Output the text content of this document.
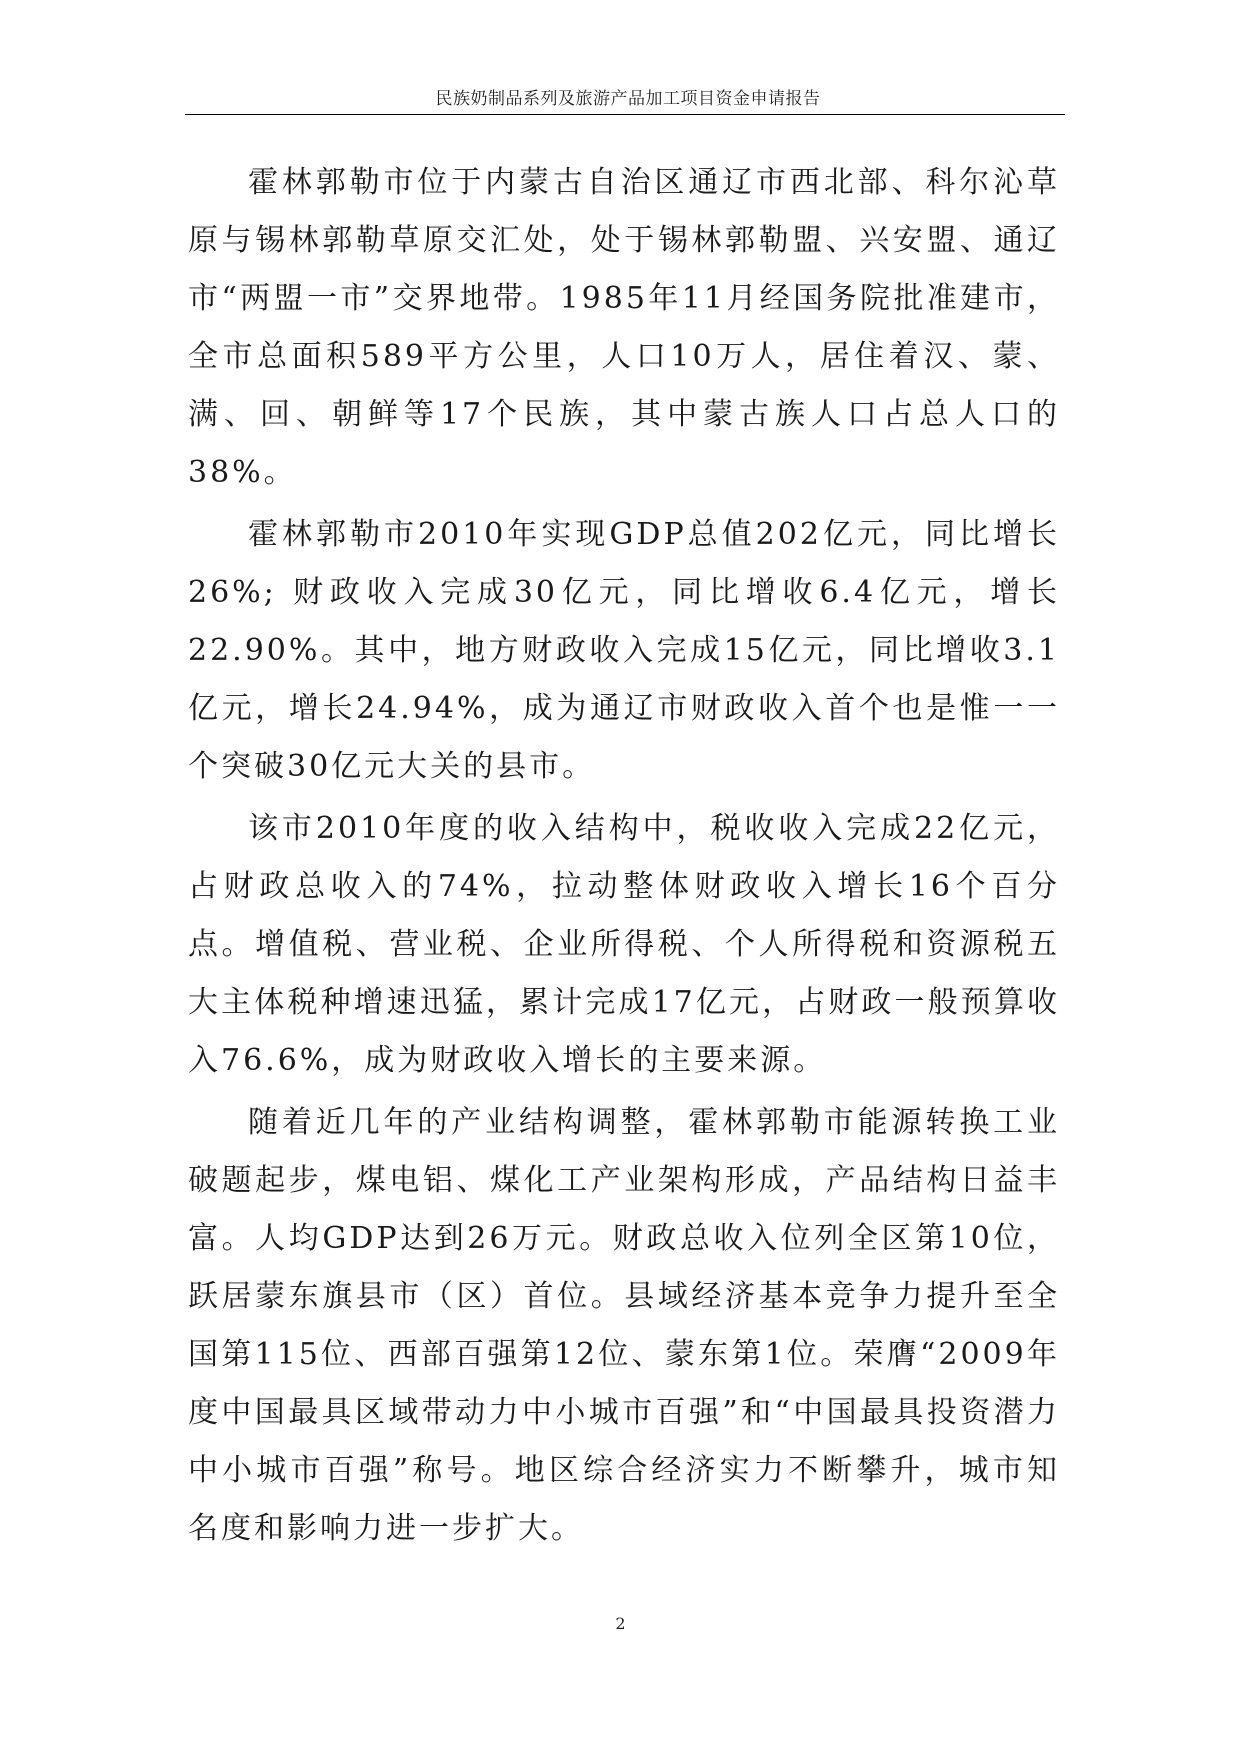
民族奶制品系列及旅游产品加工项目资金申请报告

霍林郭勒市位于内蒙古自治区通辽市西北部、科尔沁草原与锡林郭勒草原交汇处，处于锡林郭勒盟、兴安盟、通辽市“两盟一市”交界地带。1985年11月经国务院批准建市，全市总面积589平方公里，人口10万人，居住着汉、蒙、满、回、朝鲜等17个民族，其中蒙古族人口占总人口的38%。

霍林郭勒市2010年实现GDP总值202亿元，同比增长26%; 财政收入完成30亿元，同比增收6.4亿元，增长22.90%。其中，地方财政收入完成15亿元，同比增收3.1亿元，增长24.94%，成为通辽市财政收入首个也是惟一一个突破30亿元大关的县市。

该市2010年度的收入结构中，税收收入完成22亿元，占财政总收入的74%，拉动整体财政收入增长16个百分点。增值税、营业税、企业所得税、个人所得税和资源税五大主体税种增速迅猛，累计完成17亿元，占财政一般预算收入76.6%，成为财政收入增长的主要来源。

随着近几年的产业结构调整，霍林郭勒市能源转换工业破题起步，煤电铝、煤化工产业架构形成，产品结构日益丰富。人均GDP达到26万元。财政总收入位列全区第10位，跃居蒙东旗县市（区）首位。县域经济基本竞争力提升至全国第115位、西部百强第12位、蒙东第1位。荣膺“2009年度中国最具区域带动力中小城市百强”和“中国最具投资潜力中小城市百强”称号。地区综合经济实力不断攀升，城市知名度和影响力进一步扩大。

2
